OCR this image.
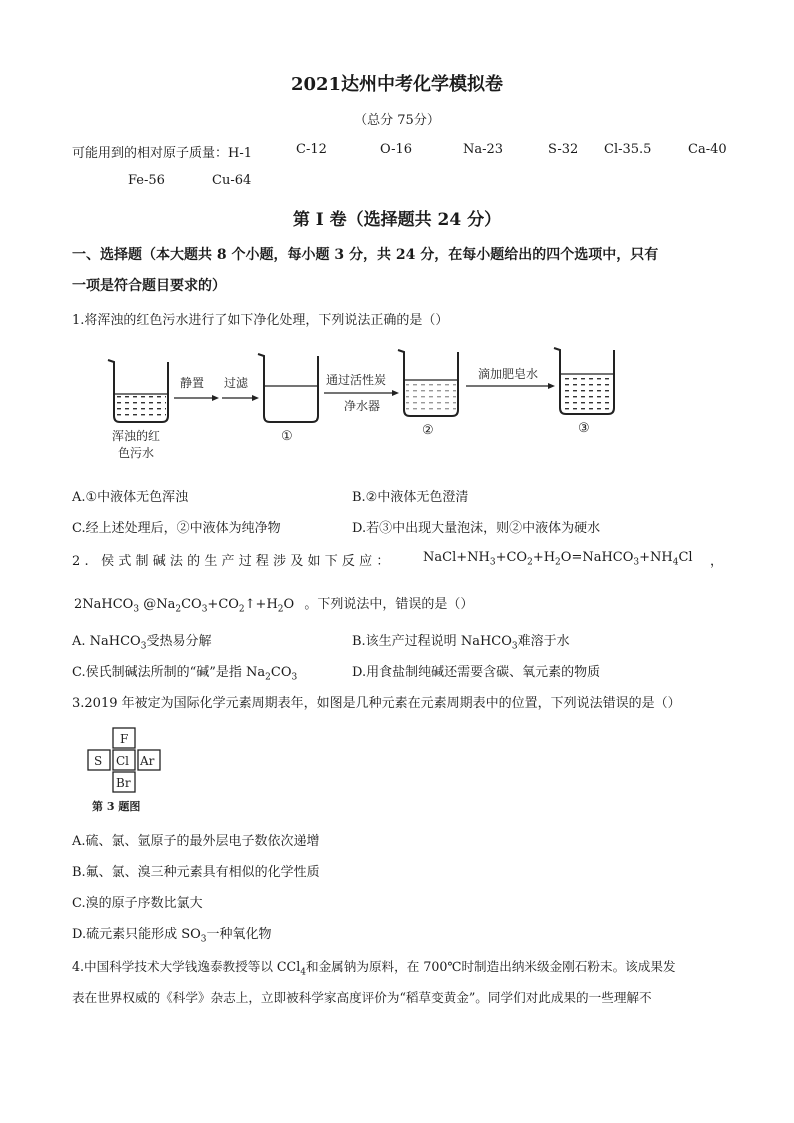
2021达州中考化学模拟卷
（总分 75分）
可能用到的相对原子质量：H-1	C-12	O-16	Na-23	S-32 Cl-35.5	Ca-40
Fe-56	Cu-64
第 I 卷（选择题共 24 分）
一、选择题（本大题共 8 个小题，每小题 3 分，共 24 分，在每小题给出的四个选项中，只有
一项是符合题目要求的）
1.将浑浊的红色污水进行了如下净化处理，下列说法正确的是（）
浑浊的红
色污水
静置 过滤
①
通过活性炭
净水器
②
滴加肥皂水
③
A.①中液体无色浑浊	B.②中液体无色澄清
C.经上述处理后，②中液体为纯净物	D.若③中出现大量泡沫，则②中液体为硬水
2. 侯式制碱法的生产过程涉及如下反应： $NaCl+NH_3+CO_2+H_2O=NaHCO_3+NH_4Cl$ ，
2NaHCO$_3$ $@Na_2CO_3+CO_2↑+H_2O$ 。下列说法中，错误的是（）
A. NaHCO$_3$受热易分解	B.该生产过程说明 NaHCO$_3$难溶于水
C.侯氏制碱法所制的“碱”是指 $Na_2CO_3$	D.用食盐制纯碱还需要含碳、氧元素的物质
3.2019 年被定为国际化学元素周期表年，如图是几种元素在元素周期表中的位置，下列说法错误的是（）
F
S Cl Ar
Br
第 3 题图
A.硫、氯、氩原子的最外层电子数依次递增
B.氟、氯、溴三种元素具有相似的化学性质
C.溴的原子序数比氯大
D.硫元素只能形成 $SO_3$一种氧化物
4.中国科学技术大学钱逸泰教授等以 CCl$_4$和金属钠为原料，在 700℃时制造出纳米级金刚石粉末。该成果发
表在世界权威的《科学》杂志上，立即被科学家高度评价为“稻草变黄金”。同学们对此成果的一些理解不
